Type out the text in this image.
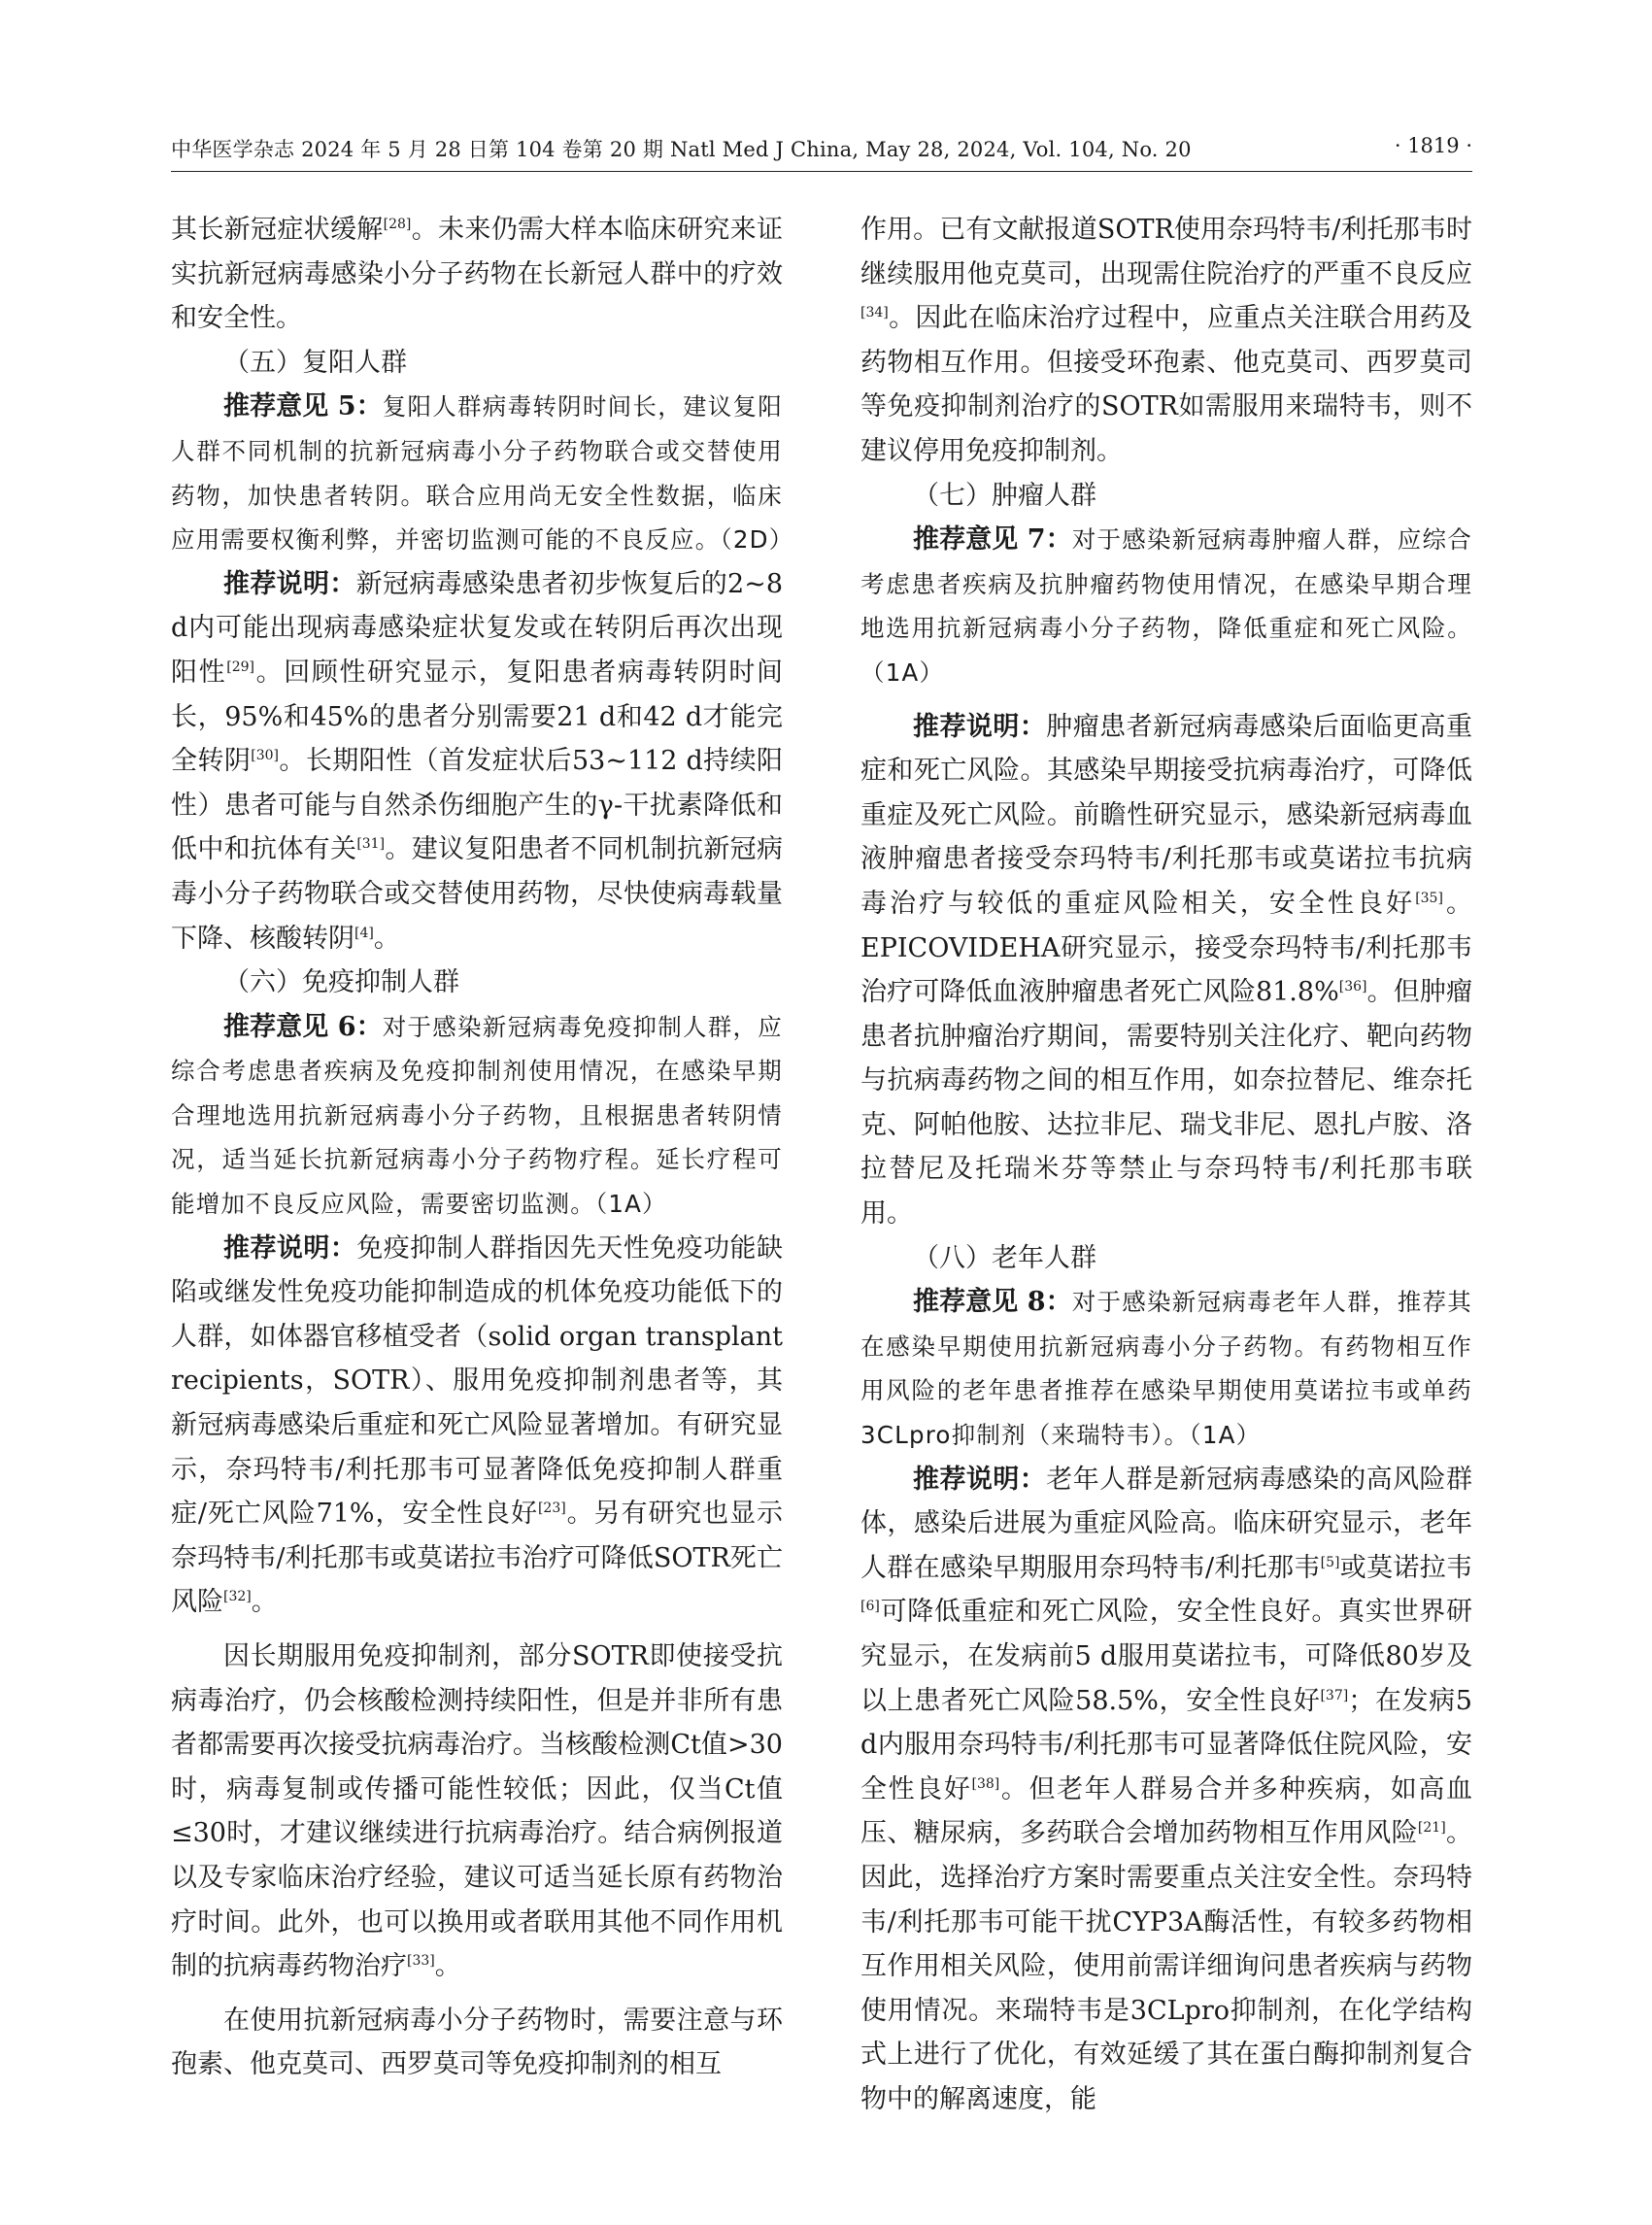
中华医学杂志 2024 年 5 月 28 日第 104 卷第 20 期 Natl Med J China, May 28, 2024, Vol. 104, No. 20	· 1819 ·

其长新冠症状缓解[28]。未来仍需大样本临床研究来证实抗新冠病毒感染小分子药物在长新冠人群中的疗效和安全性。

（五）复阳人群

推荐意见 5：复阳人群病毒转阴时间长，建议复阳人群不同机制的抗新冠病毒小分子药物联合或交替使用药物，加快患者转阴。联合应用尚无安全性数据，临床应用需要权衡利弊，并密切监测可能的不良反应。（2D）

推荐说明：新冠病毒感染患者初步恢复后的2~8 d内可能出现病毒感染症状复发或在转阴后再次出现阳性[29]。回顾性研究显示，复阳患者病毒转阴时间长，95%和45%的患者分别需要21 d和42 d才能完全转阴[30]。长期阳性（首发症状后53~112 d持续阳性）患者可能与自然杀伤细胞产生的γ-干扰素降低和低中和抗体有关[31]。建议复阳患者不同机制抗新冠病毒小分子药物联合或交替使用药物，尽快使病毒载量下降、核酸转阴[4]。

（六）免疫抑制人群

推荐意见 6：对于感染新冠病毒免疫抑制人群，应综合考虑患者疾病及免疫抑制剂使用情况，在感染早期合理地选用抗新冠病毒小分子药物，且根据患者转阴情况，适当延长抗新冠病毒小分子药物疗程。延长疗程可能增加不良反应风险，需要密切监测。（1A）

推荐说明：免疫抑制人群指因先天性免疫功能缺陷或继发性免疫功能抑制造成的机体免疫功能低下的人群，如体器官移植受者（solid organ transplant recipients，SOTR）、服用免疫抑制剂患者等，其新冠病毒感染后重症和死亡风险显著增加。有研究显示，奈玛特韦/利托那韦可显著降低免疫抑制人群重症/死亡风险71%，安全性良好[23]。另有研究也显示奈玛特韦/利托那韦或莫诺拉韦治疗可降低SOTR死亡风险[32]。

因长期服用免疫抑制剂，部分SOTR即使接受抗病毒治疗，仍会核酸检测持续阳性，但是并非所有患者都需要再次接受抗病毒治疗。当核酸检测Ct值>30时，病毒复制或传播可能性较低；因此，仅当Ct值≤30时，才建议继续进行抗病毒治疗。结合病例报道以及专家临床治疗经验，建议可适当延长原有药物治疗时间。此外，也可以换用或者联用其他不同作用机制的抗病毒药物治疗[33]。

在使用抗新冠病毒小分子药物时，需要注意与环孢素、他克莫司、西罗莫司等免疫抑制剂的相互

作用。已有文献报道SOTR使用奈玛特韦/利托那韦时继续服用他克莫司，出现需住院治疗的严重不良反应[34]。因此在临床治疗过程中，应重点关注联合用药及药物相互作用。但接受环孢素、他克莫司、西罗莫司等免疫抑制剂治疗的SOTR如需服用来瑞特韦，则不建议停用免疫抑制剂。

（七）肿瘤人群

推荐意见 7：对于感染新冠病毒肿瘤人群，应综合考虑患者疾病及抗肿瘤药物使用情况，在感染早期合理地选用抗新冠病毒小分子药物，降低重症和死亡风险。（1A）

推荐说明：肿瘤患者新冠病毒感染后面临更高重症和死亡风险。其感染早期接受抗病毒治疗，可降低重症及死亡风险。前瞻性研究显示，感染新冠病毒血液肿瘤患者接受奈玛特韦/利托那韦或莫诺拉韦抗病毒治疗与较低的重症风险相关，安全性良好[35]。EPICOVIDEHA研究显示，接受奈玛特韦/利托那韦治疗可降低血液肿瘤患者死亡风险81.8%[36]。但肿瘤患者抗肿瘤治疗期间，需要特别关注化疗、靶向药物与抗病毒药物之间的相互作用，如奈拉替尼、维奈托克、阿帕他胺、达拉非尼、瑞戈非尼、恩扎卢胺、洛拉替尼及托瑞米芬等禁止与奈玛特韦/利托那韦联用。

（八）老年人群

推荐意见 8：对于感染新冠病毒老年人群，推荐其在感染早期使用抗新冠病毒小分子药物。有药物相互作用风险的老年患者推荐在感染早期使用莫诺拉韦或单药3CLpro抑制剂（来瑞特韦）。（1A）

推荐说明：老年人群是新冠病毒感染的高风险群体，感染后进展为重症风险高。临床研究显示，老年人群在感染早期服用奈玛特韦/利托那韦[5]或莫诺拉韦[6]可降低重症和死亡风险，安全性良好。真实世界研究显示，在发病前5 d服用莫诺拉韦，可降低80岁及以上患者死亡风险58.5%，安全性良好[37]；在发病5 d内服用奈玛特韦/利托那韦可显著降低住院风险，安全性良好[38]。但老年人群易合并多种疾病，如高血压、糖尿病，多药联合会增加药物相互作用风险[21]。因此，选择治疗方案时需要重点关注安全性。奈玛特韦/利托那韦可能干扰CYP3A酶活性，有较多药物相互作用相关风险，使用前需详细询问患者疾病与药物使用情况。来瑞特韦是3CLpro抑制剂，在化学结构式上进行了优化，有效延缓了其在蛋白酶抑制剂复合物中的解离速度，能
